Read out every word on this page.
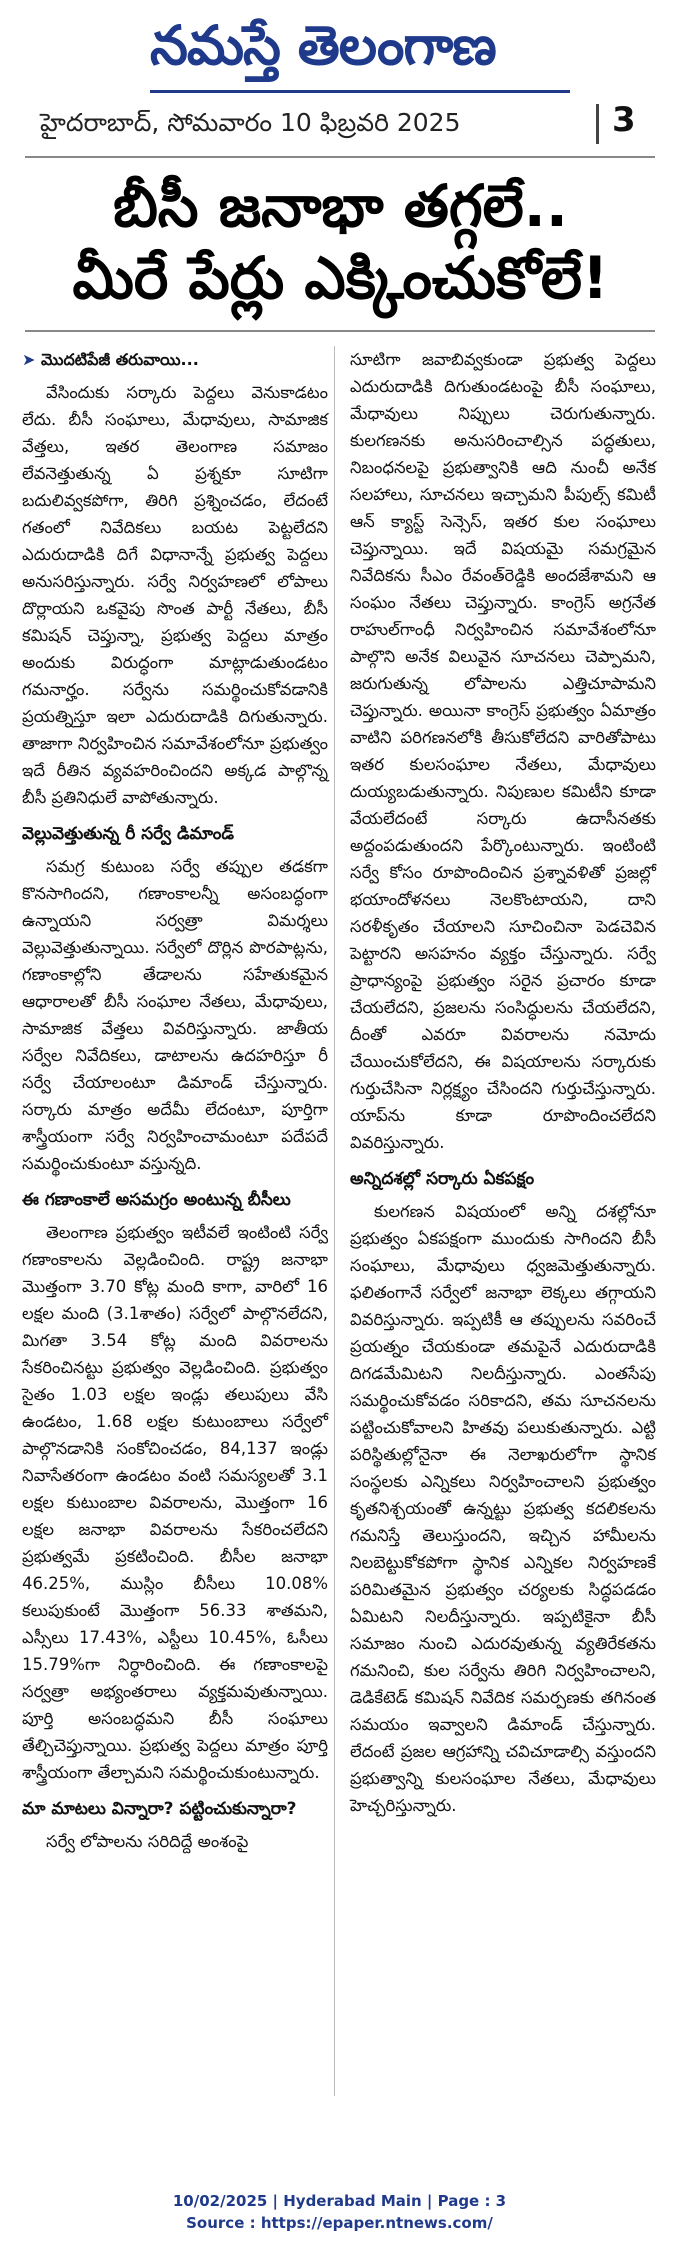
నమస్తే తెలంగాణ
హైదరాబాద్, సోమవారం 10 ఫిబ్రవరి 2025	3
బీసీ జనాభా తగ్గలే..
మీరే పేర్లు ఎక్కించుకోలే!
➤ మొదటిపేజీ తరువాయి...

వేసిందుకు సర్కారు పెద్దలు వెనుకాడటం లేదు. బీసీ సంఘాలు, మేధావులు, సామాజిక వేత్తలు, ఇతర తెలంగాణ సమాజం లేవనెత్తుతున్న ఏ ప్రశ్నకూ సూటిగా బదులివ్వకపోగా, తిరిగి ప్రశ్నించడం, లేదంటే గతంలో నివేదికలు బయట పెట్టలేదని ఎదురుదాడికి దిగే విధానాన్నే ప్రభుత్వ పెద్దలు అనుసరిస్తున్నారు. సర్వే నిర్వహణలో లోపాలు దొర్లాయని ఒకవైపు సొంత పార్టీ నేతలు, బీసీ కమిషన్ చెప్తున్నా, ప్రభుత్వ పెద్దలు మాత్రం అందుకు విరుద్ధంగా మాట్లాడుతుండటం గమనార్హం. సర్వేను సమర్థించుకోవడానికి ప్రయత్నిస్తూ ఇలా ఎదురుదాడికి దిగుతున్నారు. తాజాగా నిర్వహించిన సమావేశంలోనూ ప్రభుత్వం ఇదే రీతిన వ్యవహరించిందని అక్కడ పాల్గొన్న బీసీ ప్రతినిధులే వాపోతున్నారు.

వెల్లువెత్తుతున్న రీ సర్వే డిమాండ్

సమగ్ర కుటుంబ సర్వే తప్పుల తడకగా కొనసాగిందని, గణాంకాలన్నీ అసంబద్ధంగా ఉన్నాయని సర్వత్రా విమర్శలు వెల్లువెత్తుతున్నాయి. సర్వేలో దొర్లిన పొరపాట్లను, గణాంకాల్లోని తేడాలను సహేతుకమైన ఆధారాలతో బీసీ సంఘాల నేతలు, మేధావులు, సామాజిక వేత్తలు వివరిస్తున్నారు. జాతీయ సర్వేల నివేదికలు, డాటాలను ఉదహరిస్తూ రీ సర్వే చేయాలంటూ డిమాండ్ చేస్తున్నారు. సర్కారు మాత్రం అదేమీ లేదంటూ, పూర్తిగా శాస్త్రీయంగా సర్వే నిర్వహించామంటూ పదేపదే సమర్థించుకుంటూ వస్తున్నది.

ఈ గణాంకాలే అసమగ్రం అంటున్న బీసీలు

తెలంగాణ ప్రభుత్వం ఇటీవలే ఇంటింటి సర్వే గణాంకాలను వెల్లడించింది. రాష్ట్ర జనాభా మొత్తంగా 3.70 కోట్ల మంది కాగా, వారిలో 16 లక్షల మంది (3.1శాతం) సర్వేలో పాల్గొనలేదని, మిగతా 3.54 కోట్ల మంది వివరాలను సేకరించినట్టు ప్రభుత్వం వెల్లడించింది. ప్రభుత్వం సైతం 1.03 లక్షల ఇండ్లు తలుపులు వేసి ఉండటం, 1.68 లక్షల కుటుంబాలు సర్వేలో పాల్గొనడానికి సంకోచించడం, 84,137 ఇండ్లు నివాసేతరంగా ఉండటం వంటి సమస్యలతో 3.1 లక్షల కుటుంబాల వివరాలను, మొత్తంగా 16 లక్షల జనాభా వివరాలను సేకరించలేదని ప్రభుత్వమే ప్రకటించింది. బీసీల జనాభా 46.25%, ముస్లిం బీసీలు 10.08% కలుపుకుంటే మొత్తంగా 56.33 శాతమని, ఎస్సీలు 17.43%, ఎస్టీలు 10.45%, ఓసీలు 15.79%గా నిర్ధారించింది. ఈ గణాంకాలపై సర్వత్రా అభ్యంతరాలు వ్యక్తమవుతున్నాయి. పూర్తి అసంబద్ధమని బీసీ సంఘాలు తేల్చిచెప్తున్నాయి. ప్రభుత్వ పెద్దలు మాత్రం పూర్తి శాస్త్రీయంగా తేల్చామని సమర్థించుకుంటున్నారు.

మా మాటలు విన్నారా? పట్టించుకున్నారా?

సర్వే లోపాలను సరిదిద్దే అంశంపై

సూటిగా జవాబివ్వకుండా ప్రభుత్వ పెద్దలు ఎదురుదాడికి దిగుతుండటంపై బీసీ సంఘాలు, మేధావులు నిప్పులు చెరుగుతున్నారు. కులగణనకు అనుసరించాల్సిన పద్ధతులు, నిబంధనలపై ప్రభుత్వానికి ఆది నుంచీ అనేక సలహాలు, సూచనలు ఇచ్చామని పీపుల్స్ కమిటీ ఆన్ క్యాస్ట్ సెన్సెస్, ఇతర కుల సంఘాలు చెప్తున్నాయి. ఇదే విషయమై సమగ్రమైన నివేదికను సీఎం రేవంత్‌రెడ్డికి అందజేశామని ఆ సంఘం నేతలు చెప్తున్నారు. కాంగ్రెస్ అగ్రనేత రాహుల్‌గాంధీ నిర్వహించిన సమావేశంలోనూ పాల్గొని అనేక విలువైన సూచనలు చెప్పామని, జరుగుతున్న లోపాలను ఎత్తిచూపామని చెప్తున్నారు. అయినా కాంగ్రెస్ ప్రభుత్వం ఏమాత్రం వాటిని పరిగణనలోకి తీసుకోలేదని వారితోపాటు ఇతర కులసంఘాల నేతలు, మేధావులు దుయ్యబడుతున్నారు. నిపుణుల కమిటీని కూడా వేయలేదంటే సర్కారు ఉదాసీనతకు అద్దంపడుతుందని పేర్కొంటున్నారు. ఇంటింటి సర్వే కోసం రూపొందించిన ప్రశ్నావళితో ప్రజల్లో భయాందోళనలు నెలకొంటాయని, దాని సరళీకృతం చేయాలని సూచించినా పెడచెవిన పెట్టారని అసహనం వ్యక్తం చేస్తున్నారు. సర్వే ప్రాధాన్యంపై ప్రభుత్వం సరైన ప్రచారం కూడా చేయలేదని, ప్రజలను సంసిద్ధులను చేయలేదని, దీంతో ఎవరూ వివరాలను నమోదు చేయించుకోలేదని, ఈ విషయాలను సర్కారుకు గుర్తుచేసినా నిర్లక్ష్యం చేసిందని గుర్తుచేస్తున్నారు. యాప్‌ను కూడా రూపొందించలేదని వివరిస్తున్నారు.

అన్నిదశల్లో సర్కారు ఏకపక్షం

కులగణన విషయంలో అన్ని దశల్లోనూ ప్రభుత్వం ఏకపక్షంగా ముందుకు సాగిందని బీసీ సంఘాలు, మేధావులు ధ్వజమెత్తుతున్నారు. ఫలితంగానే సర్వేలో జనాభా లెక్కలు తగ్గాయని వివరిస్తున్నారు. ఇప్పటికీ ఆ తప్పులను సవరించే ప్రయత్నం చేయకుండా తమపైనే ఎదురుదాడికి దిగడమేమిటని నిలదీస్తున్నారు. ఎంతసేపు సమర్థించుకోవడం సరికాదని, తమ సూచనలను పట్టించుకోవాలని హితవు పలుకుతున్నారు. ఎట్టి పరిస్థితుల్లోనైనా ఈ నెలాఖరులోగా స్థానిక సంస్థలకు ఎన్నికలు నిర్వహించాలని ప్రభుత్వం కృతనిశ్చయంతో ఉన్నట్టు ప్రభుత్వ కదలికలను గమనిస్తే తెలుస్తుందని, ఇచ్చిన హామీలను నిలబెట్టుకోకపోగా స్థానిక ఎన్నికల నిర్వహణకే పరిమితమైన ప్రభుత్వం చర్యలకు సిద్ధపడడం ఏమిటని నిలదీస్తున్నారు. ఇప్పటికైనా బీసీ సమాజం నుంచి ఎదురవుతున్న వ్యతిరేకతను గమనించి, కుల సర్వేను తిరిగి నిర్వహించాలని, డెడికేటెడ్ కమిషన్ నివేదిక సమర్పణకు తగినంత సమయం ఇవ్వాలని డిమాండ్ చేస్తున్నారు. లేదంటే ప్రజల ఆగ్రహాన్ని చవిచూడాల్సి వస్తుందని ప్రభుత్వాన్ని కులసంఘాల నేతలు, మేధావులు హెచ్చరిస్తున్నారు.

10/02/2025 | Hyderabad Main | Page : 3
Source : https://epaper.ntnews.com/
